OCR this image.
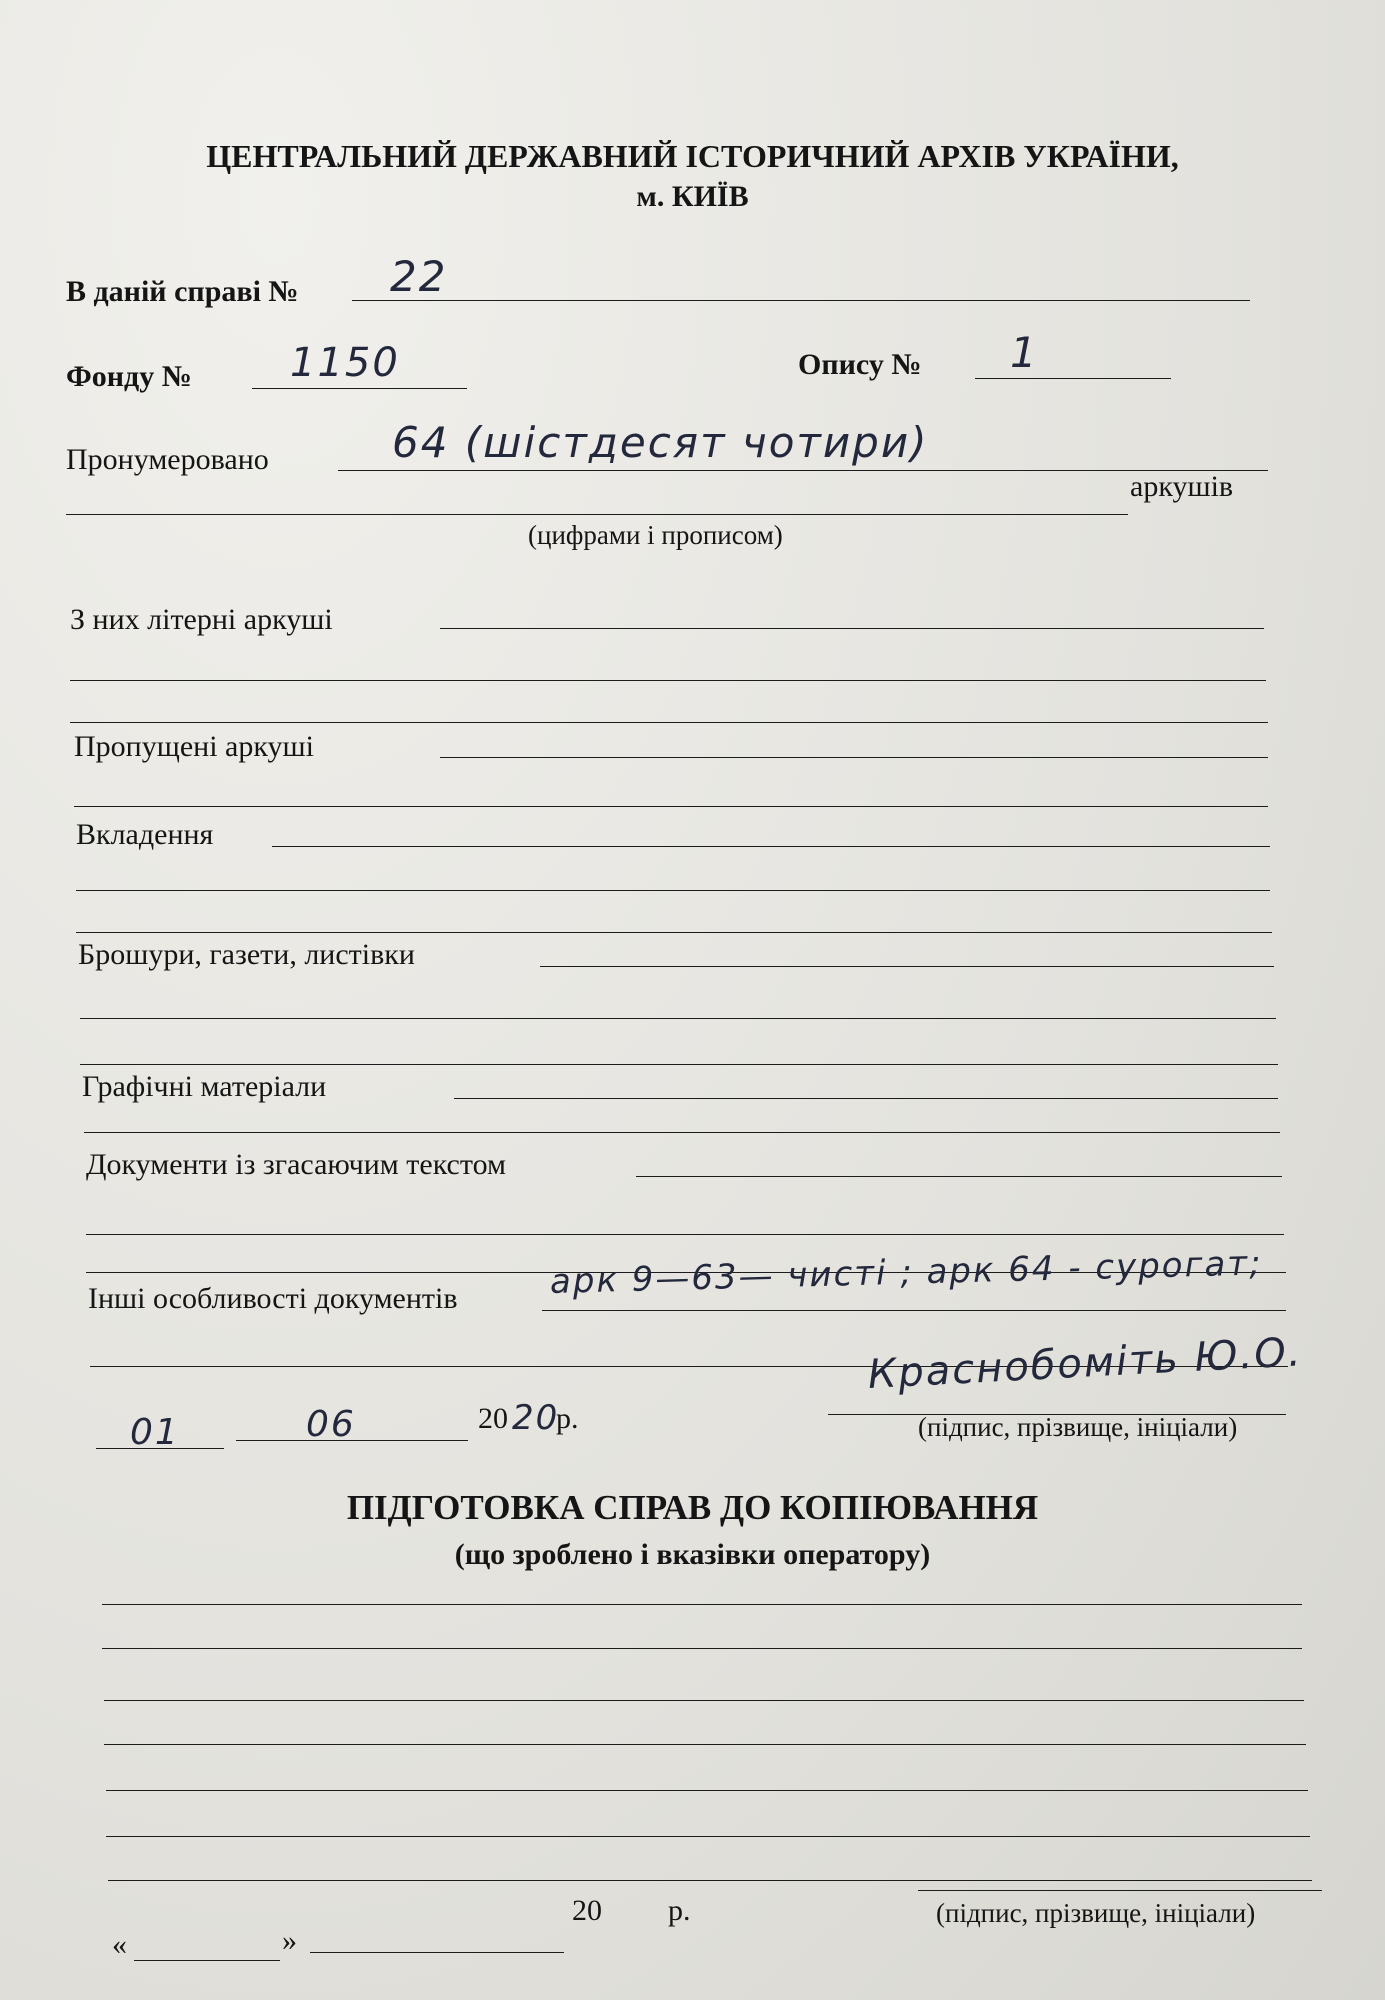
ЦЕНТРАЛЬНИЙ ДЕРЖАВНИЙ ІСТОРИЧНИЙ АРХІВ УКРАЇНИ,
м. КИЇВ
В даній справі № 22
Фонду № 1150	Опису № 1
Пронумеровано	64 (шістдесят чотири)
аркушів
(цифрами і прописом)
З них літерні аркуші
Пропущені аркуші
Вкладення
Брошури, газети, листівки
Графічні матеріали
Документи із згасаючим текстом
Інші особливості документів	арк 9—63— чисті ; арк 64 - сурогат;
01	06	20 20
р.
Краснобоміть Ю.О.
(підпис, прізвище, ініціали)
ПІДГОТОВКА СПРАВ ДО КОПІЮВАННЯ
(що зроблено і вказівки оператору)
«	»
20 р.	(підпис, прізвище, ініціали)
